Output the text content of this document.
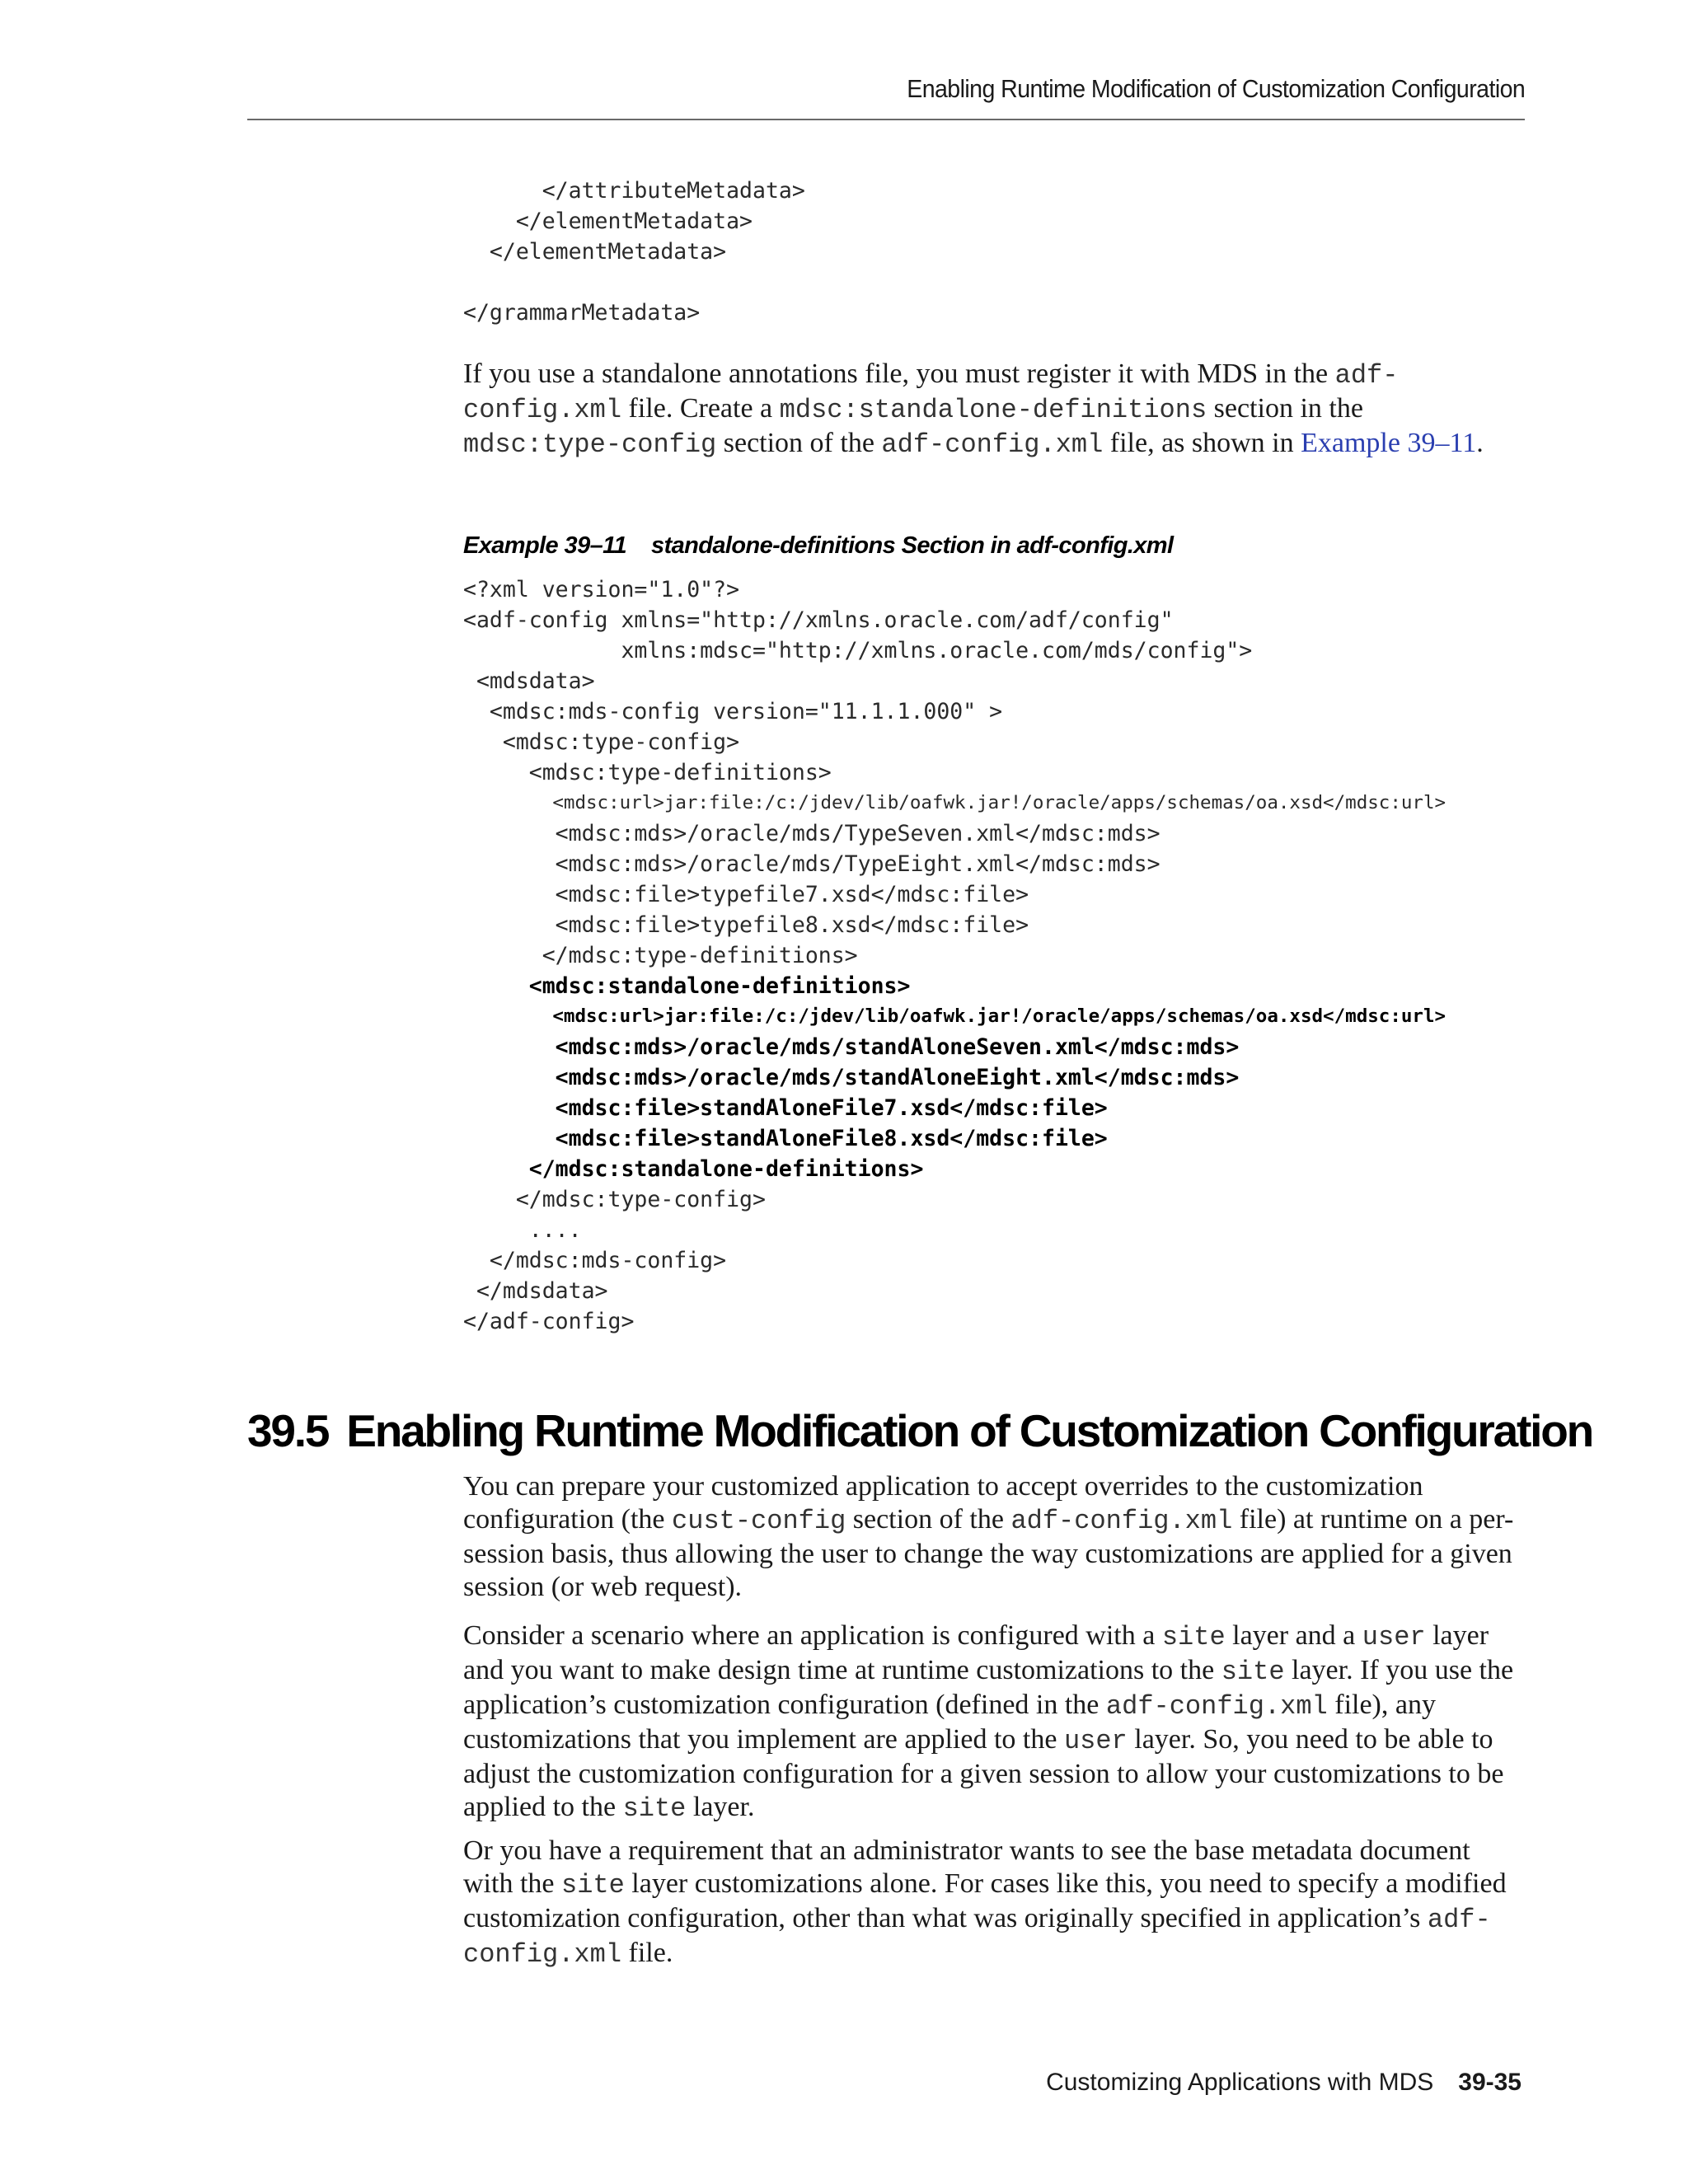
Enabling Runtime Modification of Customization Configuration
</attributeMetadata>
</elementMetadata>
</elementMetadata>
</grammarMetadata>

If you use a standalone annotations file, you must register it with MDS in the adf-config.xml file. Create a mdsc:standalone-definitions section in the mdsc:type-config section of the adf-config.xml file, as shown in Example 39–11.

Example 39–11 standalone-definitions Section in adf-config.xml
<?xml version="1.0"?>
<adf-config xmlns="http://xmlns.oracle.com/adf/config"
xmlns:mdsc="http://xmlns.oracle.com/mds/config">
<mdsdata>
<mdsc:mds-config version="11.1.1.000" >
<mdsc:type-config>
<mdsc:type-definitions>
<mdsc:url>jar:file:/c:/jdev/lib/oafwk.jar!/oracle/apps/schemas/oa.xsd</mdsc:url>
<mdsc:mds>/oracle/mds/TypeSeven.xml</mdsc:mds>
<mdsc:mds>/oracle/mds/TypeEight.xml</mdsc:mds>
<mdsc:file>typefile7.xsd</mdsc:file>
<mdsc:file>typefile8.xsd</mdsc:file>
</mdsc:type-definitions>
<mdsc:standalone-definitions>
<mdsc:url>jar:file:/c:/jdev/lib/oafwk.jar!/oracle/apps/schemas/oa.xsd</mdsc:url>
<mdsc:mds>/oracle/mds/standAloneSeven.xml</mdsc:mds>
<mdsc:mds>/oracle/mds/standAloneEight.xml</mdsc:mds>
<mdsc:file>standAloneFile7.xsd</mdsc:file>
<mdsc:file>standAloneFile8.xsd</mdsc:file>
</mdsc:standalone-definitions>
</mdsc:type-config>
....
</mdsc:mds-config>
</mdsdata>
</adf-config>
39.5 Enabling Runtime Modification of Customization Configuration

You can prepare your customized application to accept overrides to the customization configuration (the cust-config section of the adf-config.xml file) at runtime on a per-session basis, thus allowing the user to change the way customizations are applied for a given session (or web request).

Consider a scenario where an application is configured with a site layer and a user layer and you want to make design time at runtime customizations to the site layer. If you use the application’s customization configuration (defined in the adf-config.xml file), any customizations that you implement are applied to the user layer. So, you need to be able to adjust the customization configuration for a given session to allow your customizations to be applied to the site layer.

Or you have a requirement that an administrator wants to see the base metadata document with the site layer customizations alone. For cases like this, you need to specify a modified customization configuration, other than what was originally specified in application’s adf-config.xml file.

Customizing Applications with MDS 39-35
